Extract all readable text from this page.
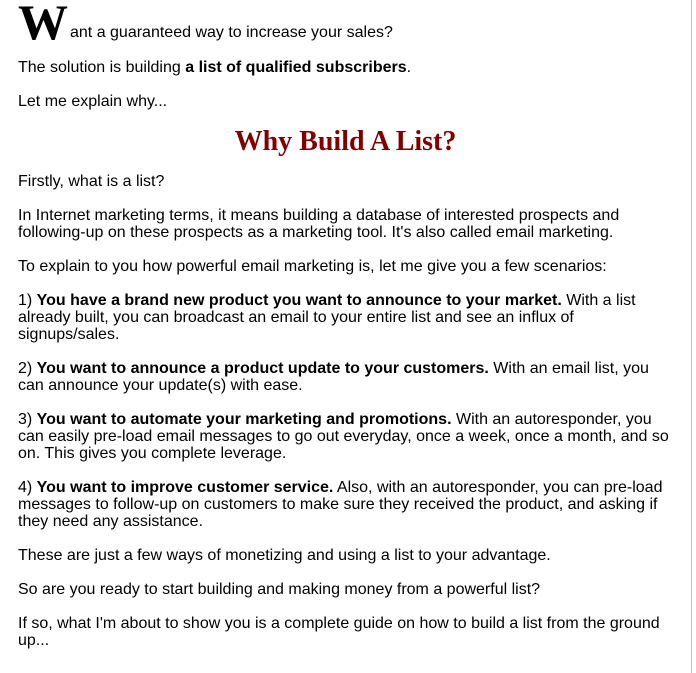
W ant a guaranteed way to increase your sales?

The solution is building a list of qualified subscribers.

Let me explain why...

Why Build A List?

Firstly, what is a list?

In Internet marketing terms, it means building a database of interested prospects and following-up on these prospects as a marketing tool. It's also called email marketing.

To explain to you how powerful email marketing is, let me give you a few scenarios:

1) You have a brand new product you want to announce to your market. With a list already built, you can broadcast an email to your entire list and see an influx of signups/sales.

2) You want to announce a product update to your customers. With an email list, you can announce your update(s) with ease.

3) You want to automate your marketing and promotions. With an autoresponder, you can easily pre-load email messages to go out everyday, once a week, once a month, and so on. This gives you complete leverage.

4) You want to improve customer service. Also, with an autoresponder, you can pre-load messages to follow-up on customers to make sure they received the product, and asking if they need any assistance.

These are just a few ways of monetizing and using a list to your advantage.

So are you ready to start building and making money from a powerful list?

If so, what I'm about to show you is a complete guide on how to build a list from the ground up...
